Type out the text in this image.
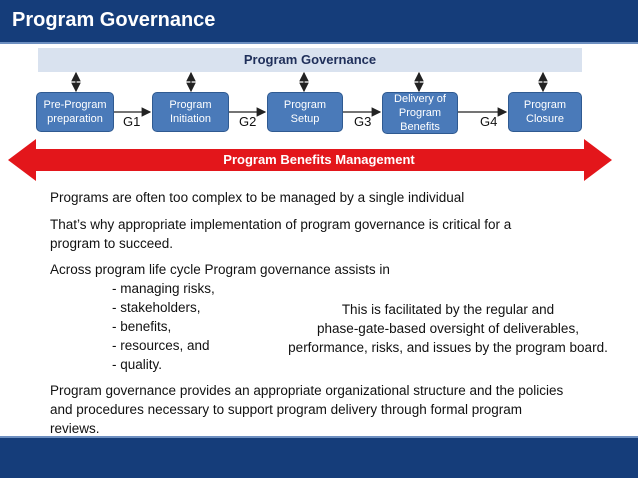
Program Governance
Program Governance
Pre-Program
preparation
Program
Initiation
Program
Setup
Delivery of
Program
Benefits
Program
Closure
G1	G2	G3	G4
Program Benefits Management
Programs are often too complex to be managed by a single individual
That’s why appropriate implementation of program governance is critical for a
program to succeed.
Across program life cycle Program governance assists in
- managing risks,
- stakeholders,
- benefits,
- resources, and
- quality.
This is facilitated by the regular and
phase-gate-based oversight of deliverables,
performance, risks, and issues by the program board.
Program governance provides an appropriate organizational structure and the policies
and procedures necessary to support program delivery through formal program
reviews.
